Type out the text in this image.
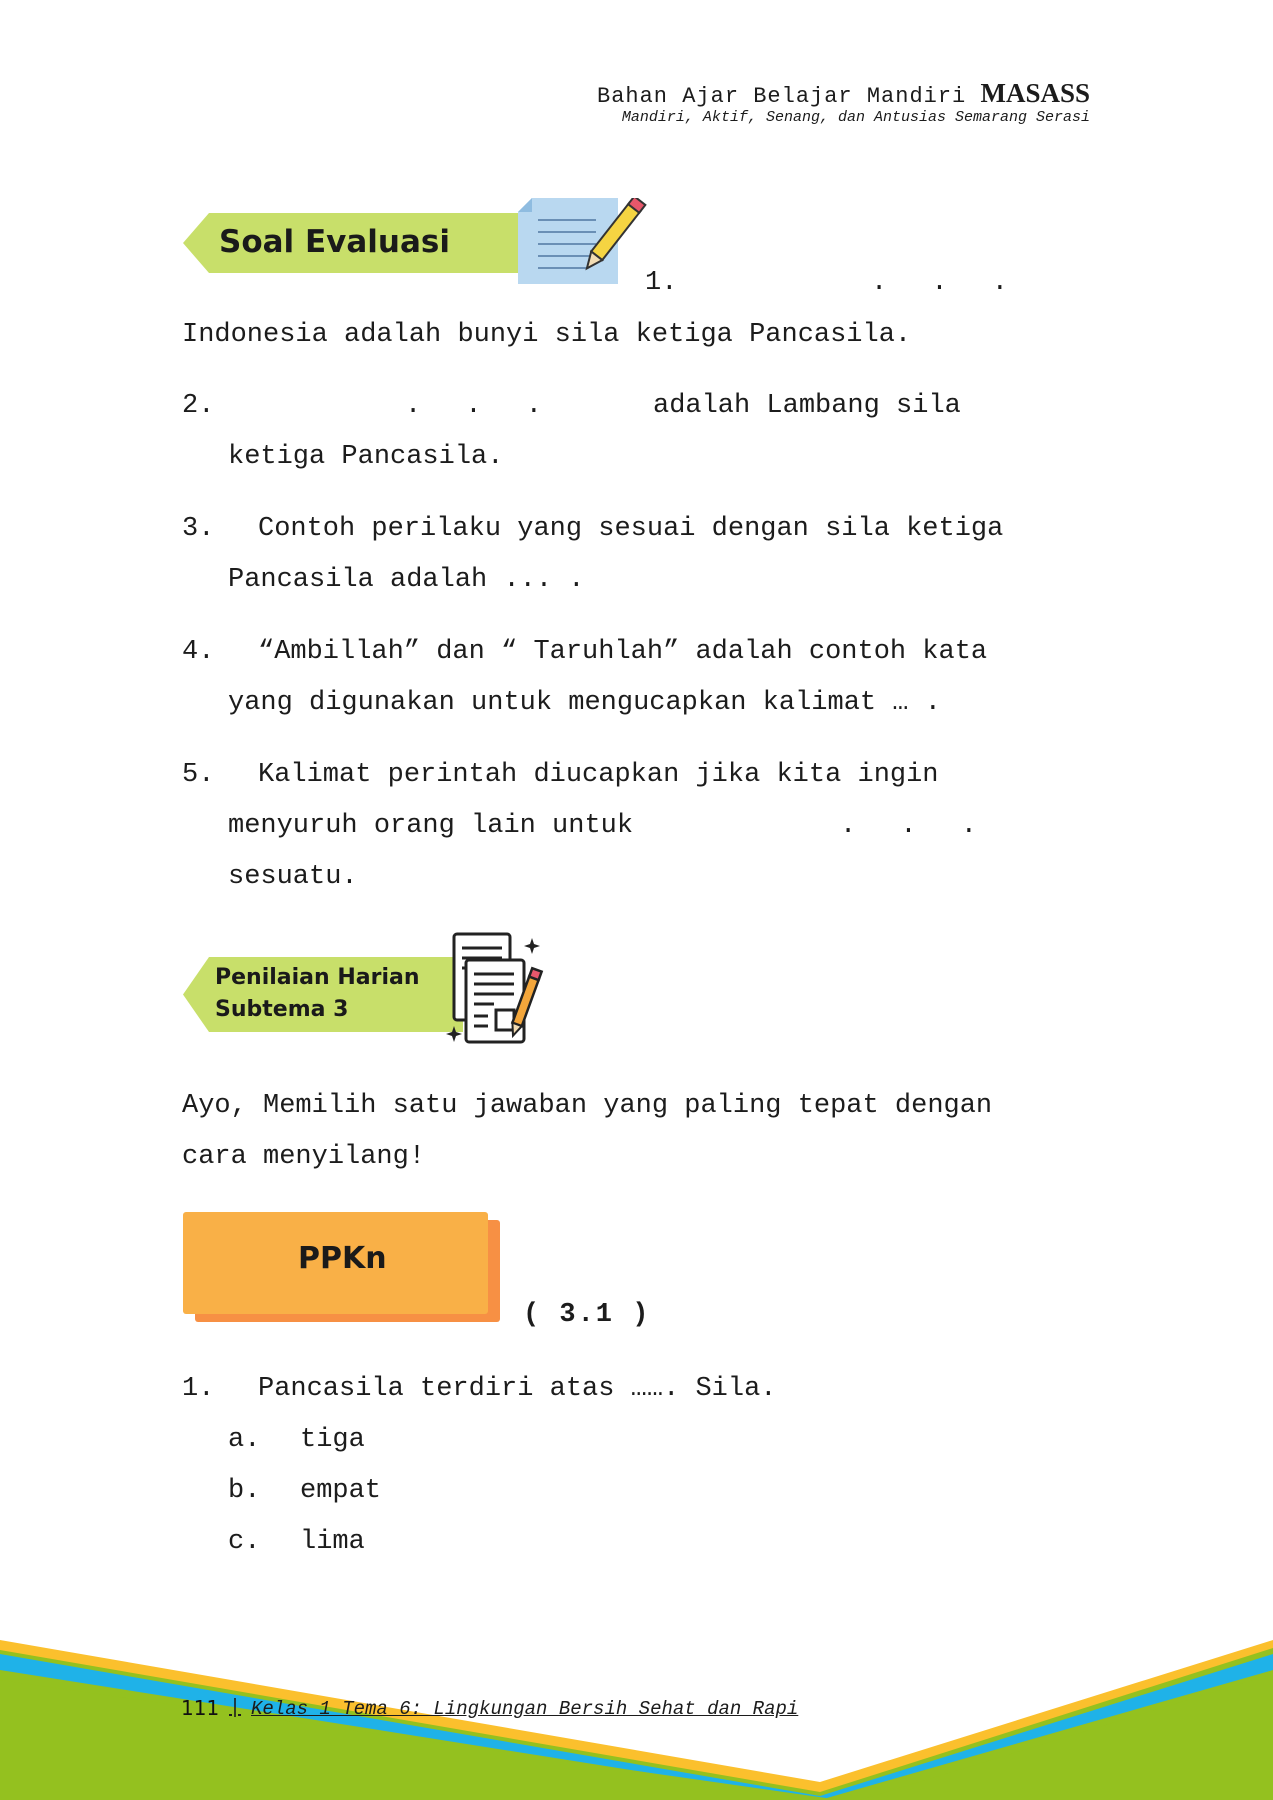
Bahan Ajar Belajar Mandiri MASASS
Mandiri, Aktif, Senang, dan Antusias Semarang Serasi
Soal Evaluasi
1.	. . .
Indonesia adalah bunyi sila ketiga Pancasila.
2.	. . .	adalah Lambang sila
ketiga Pancasila.
3. Contoh perilaku yang sesuai dengan sila ketiga
Pancasila adalah ... .
4. “Ambillah” dan “ Taruhlah” adalah contoh kata
yang digunakan untuk mengucapkan kalimat … .
5. Kalimat perintah diucapkan jika kita ingin
menyuruh orang lain untuk	. . .
sesuatu.
Penilaian Harian
Subtema 3
Ayo, Memilih satu jawaban yang paling tepat dengan
cara menyilang!
PPKn
( 3.1 )
1. Pancasila terdiri atas ……. Sila.
a. tiga
b. empat
c. lima
111 | Kelas 1 Tema 6: Lingkungan Bersih Sehat dan Rapi
